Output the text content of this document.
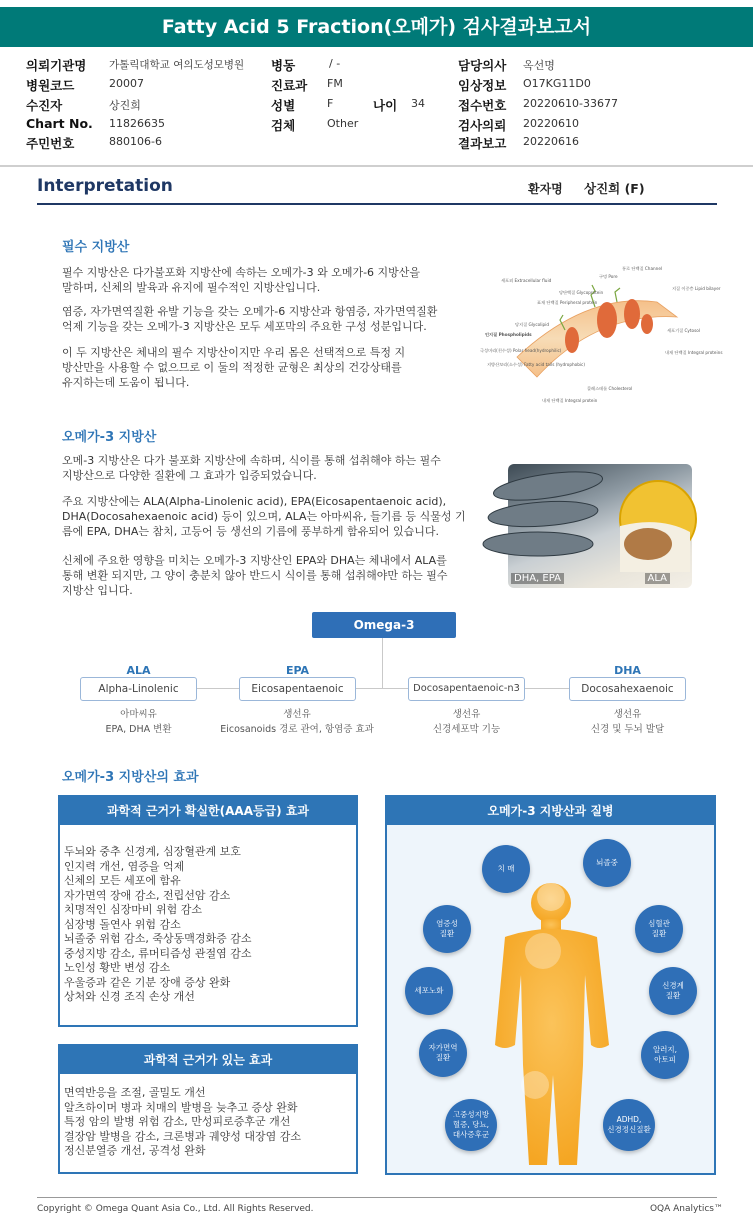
Fatty Acid 5 Fraction(오메가) 검사결과보고서
의뢰기관명 가톨릭대학교 여의도성모병원
병원코드	20007
수진자	상진희
Chart No. 11826635
주민번호	880106-6
병동	/ -
진료과 FM
성별	F	나이 34
검체	Other
담당의사 옥선명
임상정보 O17KG11D0
접수번호 20220610-33677
검사의뢰 20220610
결과보고 20220616
Interpretation	환자명 상진희 (F)
필수 지방산
필수 지방산은 다가불포화 지방산에 속하는 오메가-3 와 오메가-6 지방산을
말하며, 신체의 발육과 유지에 필수적인 지방산입니다.
염증, 자가면역질환 유발 기능을 갖는 오메가-6 지방산과 항염증, 자가면역질환
억제 기능을 갖는 오메가-3 지방산은 모두 세포막의 주요한 구성 성분입니다.
이 두 지방산은 체내의 필수 지방산이지만 우리 몸은 선택적으로 특정 지
방산만을 사용할 수 없으므로 이 둘의 적정한 균형은 최상의 건강상태를
유지하는데 도움이 됩니다.
세포외 Extracellular fluid
당단백질 Glycoprotein
표재 단백질 Peripheral protein
구멍 Pore
통로 단백질 Channel
지질 이중층 Lipid bilayer
당지질 Glycolipid
인지질 Phospholipids
극성머리(친수성) Polar head(hydrophilic)
지방산꼬리(소수성) Fatty acid tails (hydrophobic)
세포기질 Cytosol
내재 단백질 Integral proteins
콜레스테롤 Cholesterol
내재 단백질 Integral protein
오메가-3 지방산
오메-3 지방산은 다가 불포화 지방산에 속하며, 식이를 통해 섭취해야 하는 필수
지방산으로 다양한 질환에 그 효과가 입증되었습니다.
주요 지방산에는 ALA(Alpha-Linolenic acid), EPA(Eicosapentaenoic acid),
DHA(Docosahexaenoic acid) 등이 있으며, ALA는 아마씨유, 들기름 등 식물성 기
름에 EPA, DHA는 참치, 고등어 등 생선의 기름에 풍부하게 함유되어 있습니다.
신체에 주요한 영향을 미치는 오메가-3 지방산인 EPA와 DHA는 체내에서 ALA를
통해 변환 되지만, 그 양이 충분치 않아 반드시 식이를 통해 섭취해야만 하는 필수
지방산 입니다.
DHA, EPA	ALA
Omega-3
ALA
Alpha-Linolenic
아마씨유
EPA, DHA 변환
EPA
Eicosapentaenoic
생선유
Eicosanoids 경로 관여, 항염증 효과
Docosapentaenoic-n3
생선유
신경세포막 기능
DHA
Docosahexaenoic
생선유
신경 및 두뇌 발달
오메가-3 지방산의 효과
과학적 근거가 확실한(AAA등급) 효과
두뇌와 중추 신경계, 심장혈관계 보호
인지력 개선, 염증을 억제
신체의 모든 세포에 함유
자가면역 장애 감소, 전립선암 감소
치명적인 심장마비 위험 감소
심장병 돌연사 위험 감소
뇌졸중 위험 감소, 죽상동맥경화증 감소
중성지방 감소, 류머티즘성 관절염 감소
노인성 황반 변성 감소
우울증과 같은 기분 장애 증상 완화
상처와 신경 조직 손상 개선
과학적 근거가 있는 효과
면역반응을 조절, 골밀도 개선
알츠하이머 병과 치매의 발병을 늦추고 증상 완화
특정 암의 발병 위험 감소, 만성피로증후군 개선
결장암 발병을 감소, 크론병과 궤양성 대장염 감소
정신분열증 개선, 공격성 완화
오메가-3 지방산과 질병
치 매
뇌졸중
염증성
질환
심혈관
질환
세포노화
신경계
질환
자가면역
질환
알러지,
아토피
고중성지방
혈증, 당뇨,
대사증후군
ADHD,
신경정신질환
Copyright © Omega Quant Asia Co., Ltd. All Rights Reserved.	OQA Analytics™
